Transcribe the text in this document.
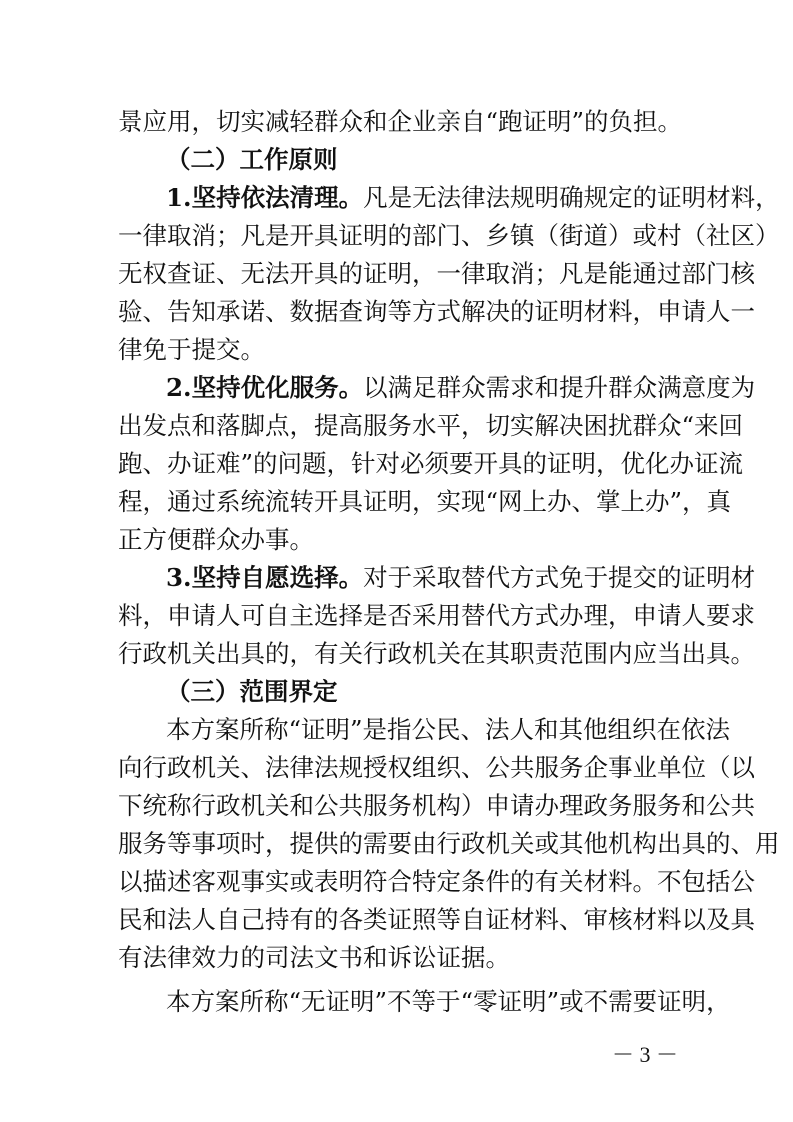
景应用，切实减轻群众和企业亲自“跑证明”的负担。
（二）工作原则
1.坚持依法清理。凡是无法律法规明确规定的证明材料，
一律取消；凡是开具证明的部门、乡镇（街道）或村（社区）
无权查证、无法开具的证明，一律取消；凡是能通过部门核
验、告知承诺、数据查询等方式解决的证明材料，申请人一
律免于提交。
2.坚持优化服务。以满足群众需求和提升群众满意度为
出发点和落脚点，提高服务水平，切实解决困扰群众“来回
跑、办证难”的问题，针对必须要开具的证明，优化办证流
程，通过系统流转开具证明，实现“网上办、掌上办”，真
正方便群众办事。
3.坚持自愿选择。对于采取替代方式免于提交的证明材
料，申请人可自主选择是否采用替代方式办理，申请人要求
行政机关出具的，有关行政机关在其职责范围内应当出具。
（三）范围界定
本方案所称“证明”是指公民、法人和其他组织在依法
向行政机关、法律法规授权组织、公共服务企事业单位（以
下统称行政机关和公共服务机构）申请办理政务服务和公共
服务等事项时，提供的需要由行政机关或其他机构出具的、用
以描述客观事实或表明符合特定条件的有关材料。不包括公
民和法人自己持有的各类证照等自证材料、审核材料以及具
有法律效力的司法文书和诉讼证据。
本方案所称“无证明”不等于“零证明”或不需要证明，
－ 3 －
